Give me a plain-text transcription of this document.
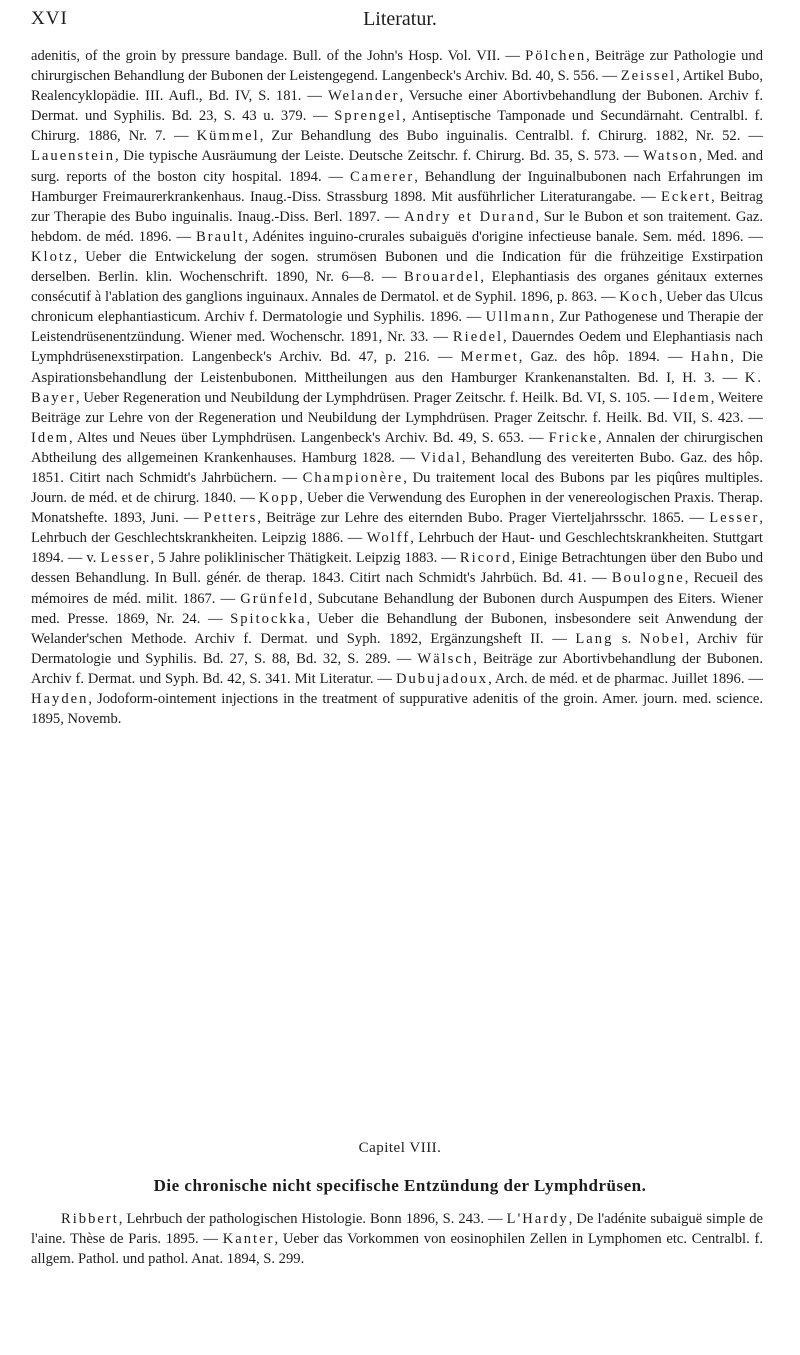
XVI	Literatur.
adenitis, of the groin by pressure bandage. Bull. of the John's Hosp. Vol. VII. — Pölchen, Beiträge zur Pathologie und chirurgischen Behandlung der Bubonen der Leistengegend. Langenbeck's Archiv. Bd. 40, S. 556. — Zeissel, Artikel Bubo, Realencyklopädie. III. Aufl., Bd. IV, S. 181. — Welander, Versuche einer Abortivbehandlung der Bubonen. Archiv f. Dermat. und Syphilis. Bd. 23, S. 43 u. 379. — Sprengel, Antiseptische Tamponade und Secundärnaht. Centralbl. f. Chirurg. 1886, Nr. 7. — Kümmel, Zur Behandlung des Bubo inguinalis. Centralbl. f. Chirurg. 1882, Nr. 52. — Lauenstein, Die typische Ausräumung der Leiste. Deutsche Zeitschr. f. Chirurg. Bd. 35, S. 573. — Watson, Med. and surg. reports of the boston city hospital. 1894. — Camerer, Behandlung der Inguinalbubonen nach Erfahrungen im Hamburger Freimaurerkrankenhaus. Inaug.-Diss. Strassburg 1898. Mit ausführlicher Literaturangabe. — Eckert, Beitrag zur Therapie des Bubo inguinalis. Inaug.-Diss. Berl. 1897. — Andry et Durand, Sur le Bubon et son traitement. Gaz. hebdom. de méd. 1896. — Brault, Adénites inguino-crurales subaiguës d'origine infectieuse banale. Sem. méd. 1896. — Klotz, Ueber die Entwickelung der sogen. strumösen Bubonen und die Indication für die frühzeitige Exstirpation derselben. Berlin. klin. Wochenschrift. 1890, Nr. 6—8. — Brouardel, Elephantiasis des organes génitaux externes consécutif à l'ablation des ganglions inguinaux. Annales de Dermatol. et de Syphil. 1896, p. 863. — Koch, Ueber das Ulcus chronicum elephantiasticum. Archiv f. Dermatologie und Syphilis. 1896. — Ullmann, Zur Pathogenese und Therapie der Leistendrüsenentzündung. Wiener med. Wochenschr. 1891, Nr. 33. — Riedel, Dauerndes Oedem und Elephantiasis nach Lymphdrüsenexstirpation. Langenbeck's Archiv. Bd. 47, p. 216. — Mermet, Gaz. des hôp. 1894. — Hahn, Die Aspirationsbehandlung der Leistenbubonen. Mittheilungen aus den Hamburger Krankenanstalten. Bd. I, H. 3. — K. Bayer, Ueber Regeneration und Neubildung der Lymphdrüsen. Prager Zeitschr. f. Heilk. Bd. VI, S. 105. — Idem, Weitere Beiträge zur Lehre von der Regeneration und Neubildung der Lymphdrüsen. Prager Zeitschr. f. Heilk. Bd. VII, S. 423. — Idem, Altes und Neues über Lymphdrüsen. Langenbeck's Archiv. Bd. 49, S. 653. — Fricke, Annalen der chirurgischen Abtheilung des allgemeinen Krankenhauses. Hamburg 1828. — Vidal, Behandlung des vereiterten Bubo. Gaz. des hôp. 1851. Citirt nach Schmidt's Jahrbüchern. — Championère, Du traitement local des Bubons par les piqûres multiples. Journ. de méd. et de chirurg. 1840. — Kopp, Ueber die Verwendung des Europhen in der venereologischen Praxis. Therap. Monatshefte. 1893, Juni. — Petters, Beiträge zur Lehre des eiternden Bubo. Prager Vierteljahrsschr. 1865. — Lesser, Lehrbuch der Geschlechtskrankheiten. Leipzig 1886. — Wolff, Lehrbuch der Haut- und Geschlechtskrankheiten. Stuttgart 1894. — v. Lesser, 5 Jahre poliklinischer Thätigkeit. Leipzig 1883. — Ricord, Einige Betrachtungen über den Bubo und dessen Behandlung. In Bull. génér. de therap. 1843. Citirt nach Schmidt's Jahrbüch. Bd. 41. — Boulogne, Recueil des mémoires de méd. milit. 1867. — Grünfeld, Subcutane Behandlung der Bubonen durch Auspumpen des Eiters. Wiener med. Presse. 1869, Nr. 24. — Spitockka, Ueber die Behandlung der Bubonen, insbesondere seit Anwendung der Welander'schen Methode. Archiv f. Dermat. und Syph. 1892, Ergänzungsheft II. — Lang s. Nobel, Archiv für Dermatologie und Syphilis. Bd. 27, S. 88, Bd. 32, S. 289. — Wälsch, Beiträge zur Abortivbehandlung der Bubonen. Archiv f. Dermat. und Syph. Bd. 42, S. 341. Mit Literatur. — Dubujadoux, Arch. de méd. et de pharmac. Juillet 1896. — Hayden, Jodoform-ointement injections in the treatment of suppurative adenitis of the groin. Amer. journ. med. science. 1895, Novemb.
Capitel VIII.
Die chronische nicht specifische Entzündung der Lymphdrüsen.
Ribbert, Lehrbuch der pathologischen Histologie. Bonn 1896, S. 243. — L'Hardy, De l'adénite subaiguë simple de l'aine. Thèse de Paris. 1895. — Kanter, Ueber das Vorkommen von eosinophilen Zellen in Lymphomen etc. Centralbl. f. allgem. Pathol. und pathol. Anat. 1894, S. 299.
